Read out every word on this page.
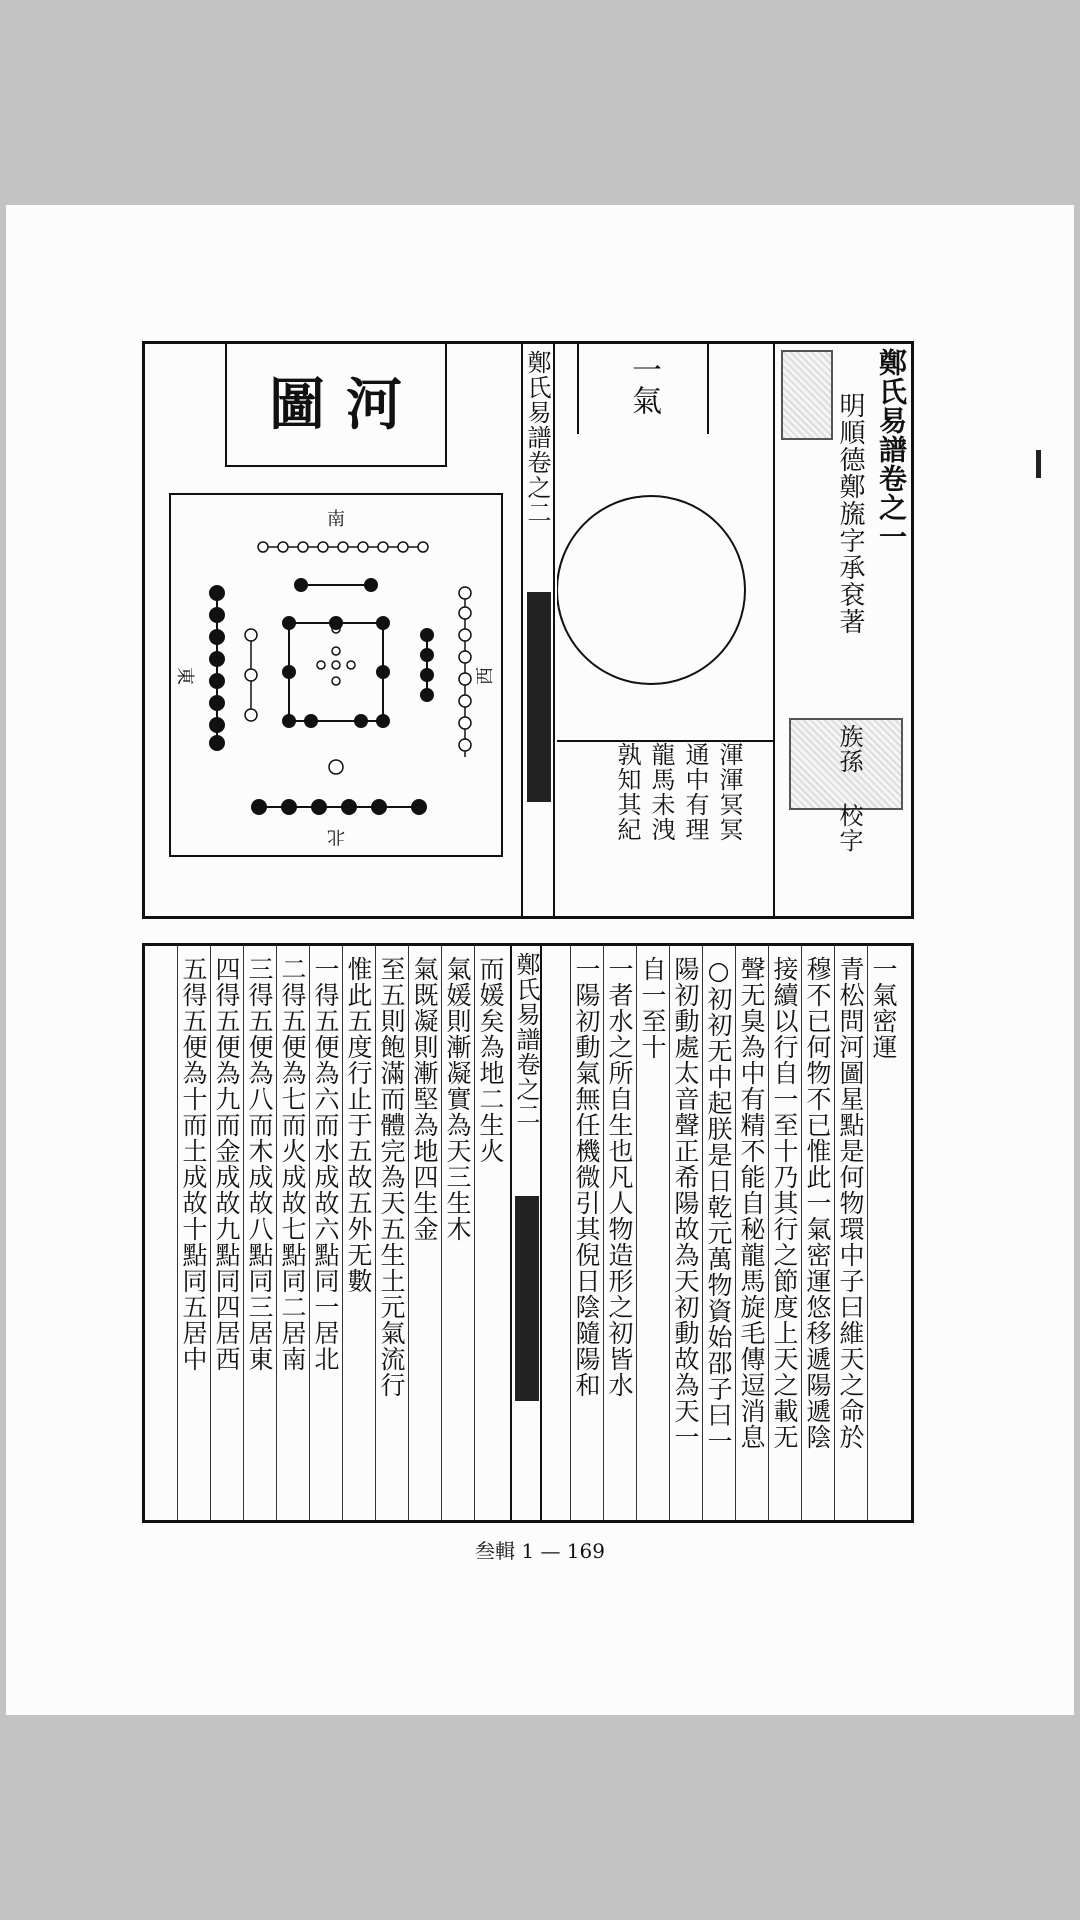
圖 河
南
北
東	西
鄭氏易譜卷之二	一氣
渾渾冥冥
通中有理
龍馬未洩
孰知其紀
鄭氏易譜卷之一
明順德鄭旒字承袞著
族孫 校字
鄭氏易譜卷之二	一氣密運
青松問河圖星點是何物環中子曰維天之命於
穆不已何物不已惟此一氣密運悠移遞陽遞陰
接續以行自一至十乃其行之節度上天之載无
聲无臭為中有精不能自秘龍馬旋毛傳逗消息
○初初无中起朕是日乾元萬物資始邵子曰一
陽初動處太音聲正希陽故為天初動故為天一
自一至十
一者水之所自生也凡人物造形之初皆水
一陽初動氣無任機微引其倪日陰隨陽和
而媛矣為地二生火
氣媛則漸凝實為天三生木
氣既凝則漸堅為地四生金
至五則飽滿而體完為天五生土元氣流行
惟此五度行止于五故五外无數
一得五便為六而水成故六點同一居北
二得五便為七而火成故七點同二居南
三得五便為八而木成故八點同三居東
四得五便為九而金成故九點同四居西
五得五便為十而土成故十點同五居中
叁輯 1 — 169
